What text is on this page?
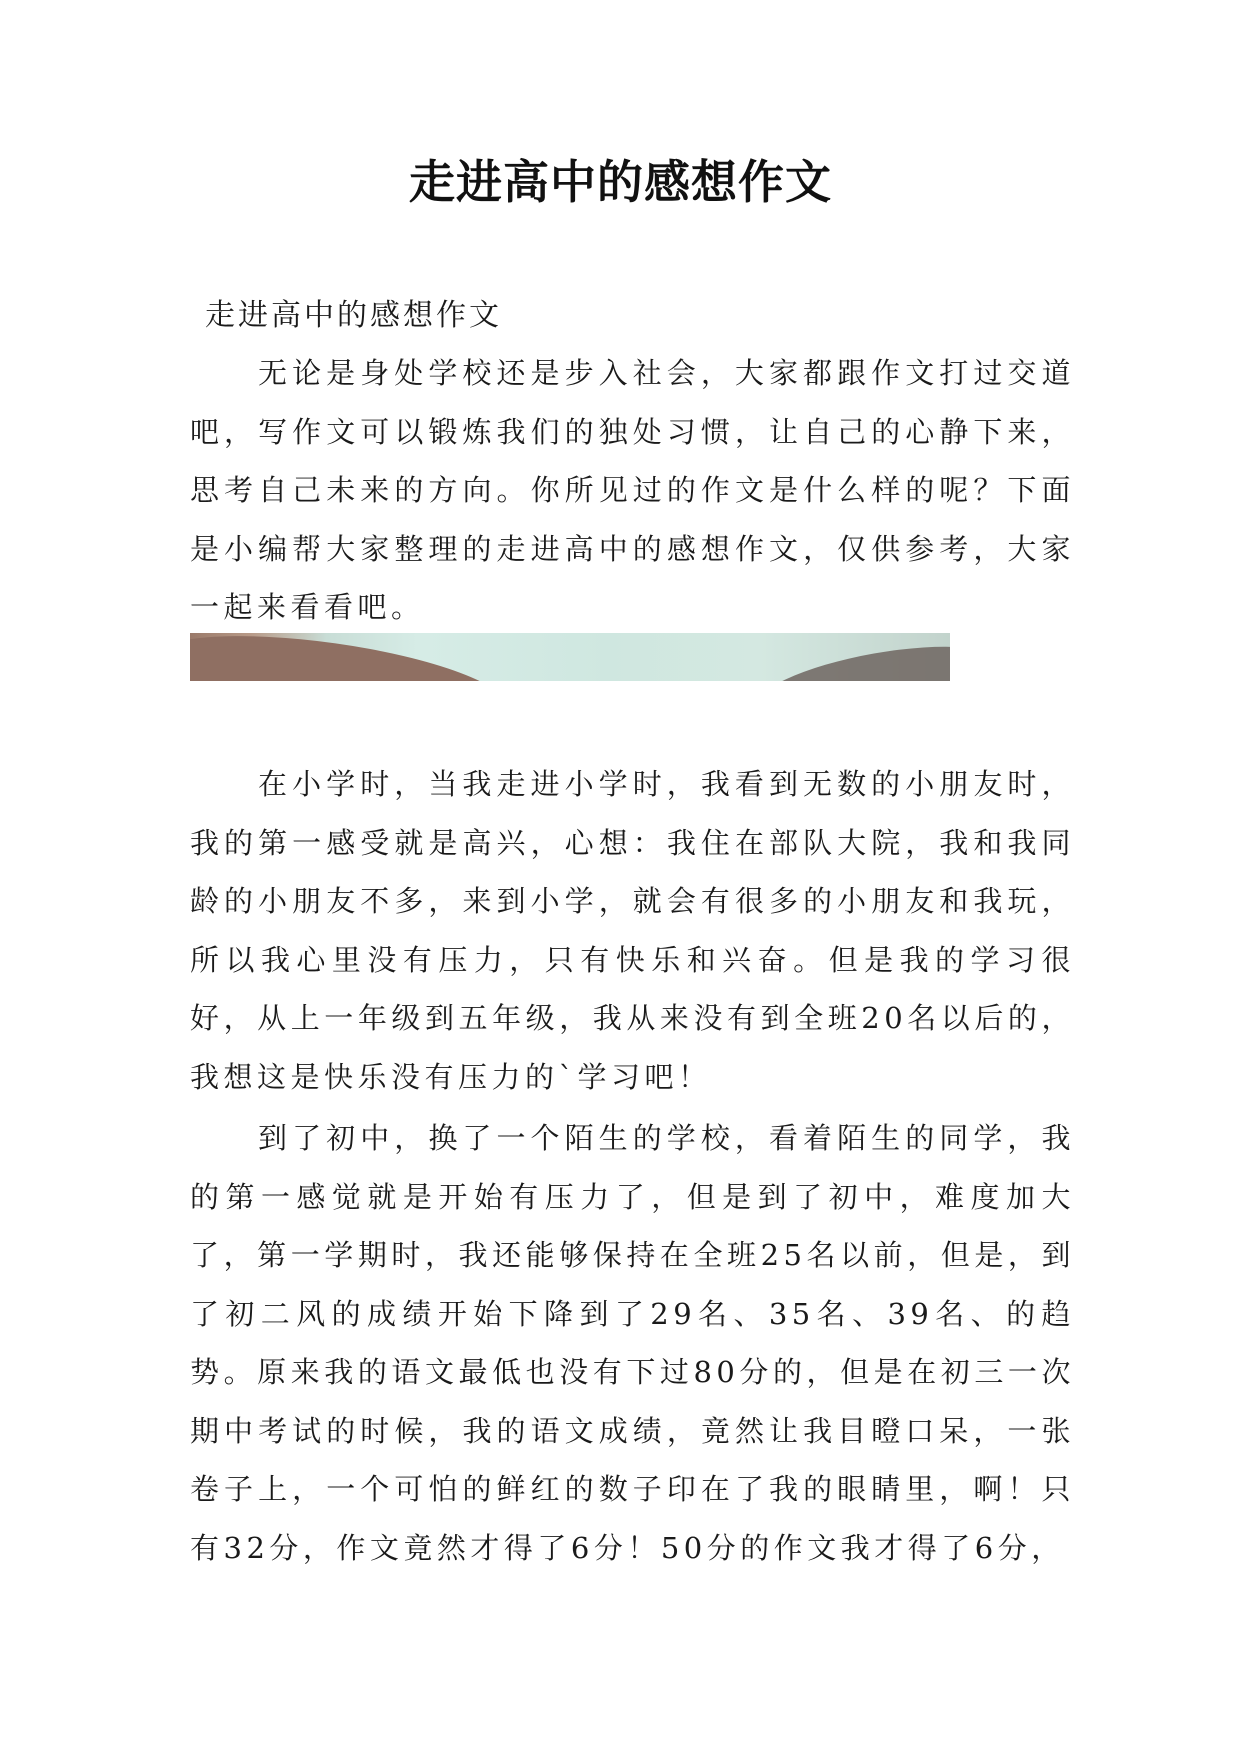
走进高中的感想作文

走进高中的感想作文

无论是身处学校还是步入社会，大家都跟作文打过交道吧，写作文可以锻炼我们的独处习惯，让自己的心静下来，思考自己未来的方向。你所见过的作文是什么样的呢？下面是小编帮大家整理的走进高中的感想作文，仅供参考，大家一起来看看吧。

在小学时，当我走进小学时，我看到无数的小朋友时，我的第一感受就是高兴，心想：我住在部队大院，我和我同龄的小朋友不多，来到小学，就会有很多的小朋友和我玩，所以我心里没有压力，只有快乐和兴奋。但是我的学习很好，从上一年级到五年级，我从来没有到全班20名以后的，我想这是快乐没有压力的`学习吧！

到了初中，换了一个陌生的学校，看着陌生的同学，我的第一感觉就是开始有压力了，但是到了初中，难度加大了，第一学期时，我还能够保持在全班25名以前，但是，到了初二风的成绩开始下降到了29名、35名、39名、的趋势。原来我的语文最低也没有下过80分的，但是在初三一次期中考试的时候，我的语文成绩，竟然让我目瞪口呆，一张卷子上，一个可怕的鲜红的数子印在了我的眼睛里，啊！只有32分，作文竟然才得了6分！50分的作文我才得了6分，
